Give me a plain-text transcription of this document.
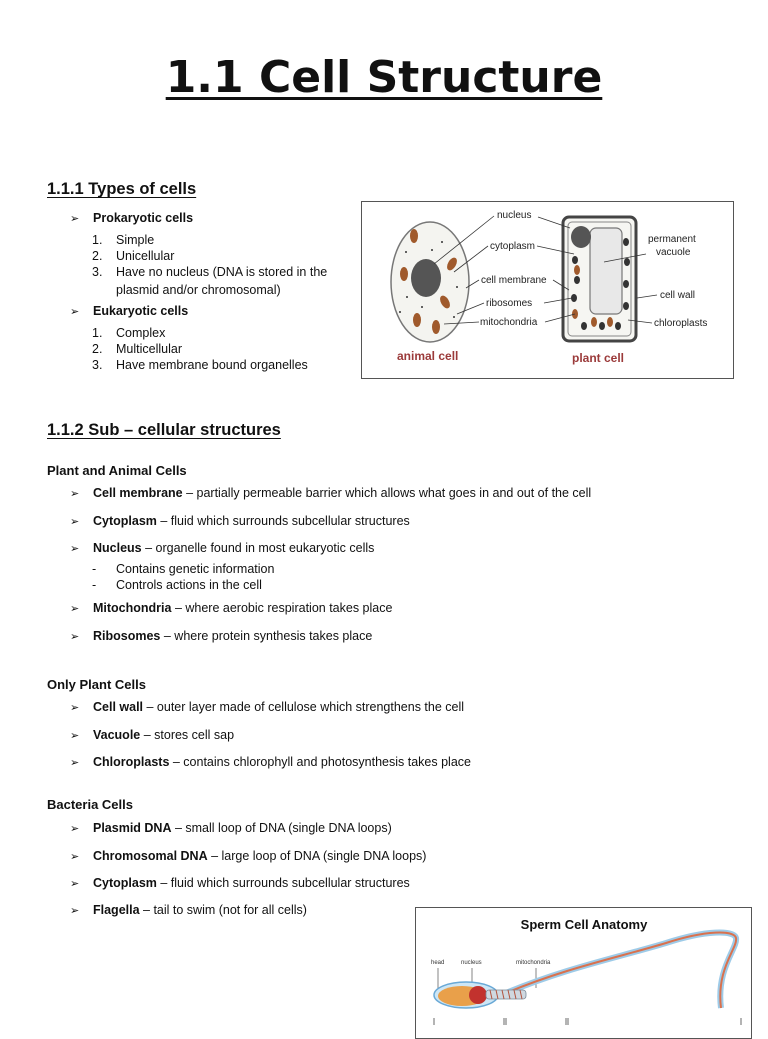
1.1 Cell Structure
1.1.1 Types of cells
➢ Prokaryotic cells
1. Simple
2. Unicellular
3. Have no nucleus (DNA is stored in the
plasmid and/or chromosomal)
➢ Eukaryotic cells
1. Complex
2. Multicellular
3. Have membrane bound organelles
nucleus
cytoplasm
cell membrane
ribosomes
mitochondria
permanent
vacuole
cell wall
chloroplasts
animal cell	plant cell
1.1.2 Sub – cellular structures
Plant and Animal Cells
➢ Cell membrane – partially permeable barrier which allows what goes in and out of the cell
➢ Cytoplasm – fluid which surrounds subcellular structures
➢ Nucleus – organelle found in most eukaryotic cells
- Contains genetic information
- Controls actions in the cell
➢ Mitochondria – where aerobic respiration takes place
➢ Ribosomes – where protein synthesis takes place
Only Plant Cells
➢ Cell wall – outer layer made of cellulose which strengthens the cell
➢ Vacuole – stores cell sap
➢ Chloroplasts – contains chlorophyll and photosynthesis takes place
Bacteria Cells
➢ Plasmid DNA – small loop of DNA (single DNA loops)
➢ Chromosomal DNA – large loop of DNA (single DNA loops)
➢ Cytoplasm – fluid which surrounds subcellular structures
➢ Flagella – tail to swim (not for all cells)
Sperm Cell Anatomy
head	nucleus	mitochondria
